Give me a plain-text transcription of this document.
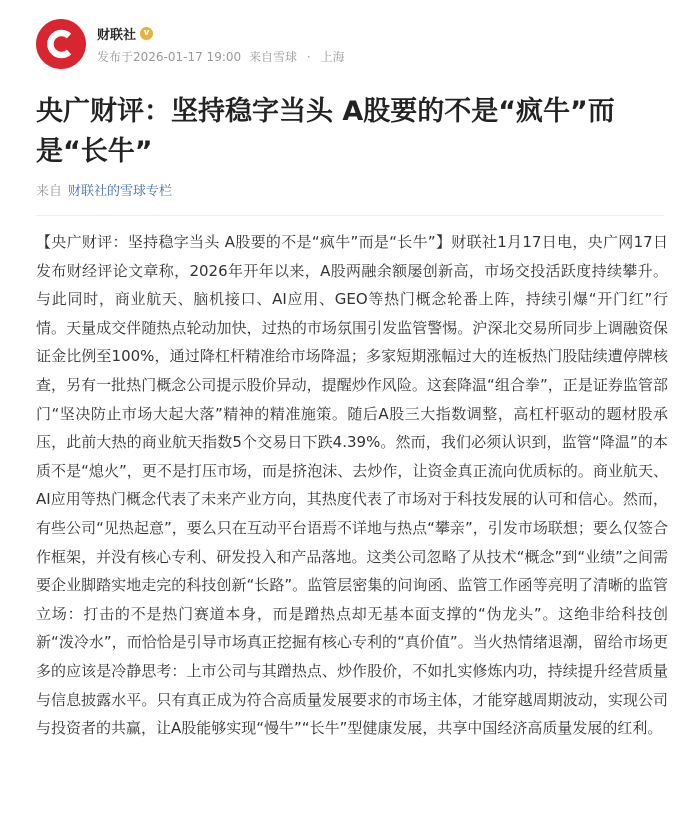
财联社 v
发布于2026-01-17 19:00 来自雪球 · 上海
央广财评：坚持稳字当头 A股要的不是“疯牛”而是“长牛”
来自 财联社的雪球专栏

【央广财评：坚持稳字当头 A股要的不是“疯牛”而是“长牛”】财联社1月17日电，央广网17日发布财经评论文章称，2026年开年以来，A股两融余额屡创新高，市场交投活跃度持续攀升。与此同时，商业航天、脑机接口、AI应用、GEO等热门概念轮番上阵，持续引爆“开门红”行情。天量成交伴随热点轮动加快，过热的市场氛围引发监管警惕。沪深北交易所同步上调融资保证金比例至100%，通过降杠杆精准给市场降温；多家短期涨幅过大的连板热门股陆续遭停牌核查，另有一批热门概念公司提示股价异动，提醒炒作风险。这套降温“组合拳”，正是证券监管部门“坚决防止市场大起大落”精神的精准施策。随后A股三大指数调整，高杠杆驱动的题材股承压，此前大热的商业航天指数5个交易日下跌4.39%。然而，我们必须认识到，监管“降温”的本质不是“熄火”，更不是打压市场，而是挤泡沫、去炒作，让资金真正流向优质标的。商业航天、AI应用等热门概念代表了未来产业方向，其热度代表了市场对于科技发展的认可和信心。然而，有些公司“见热起意”，要么只在互动平台语焉不详地与热点“攀亲”，引发市场联想；要么仅签合作框架，并没有核心专利、研发投入和产品落地。这类公司忽略了从技术“概念”到“业绩”之间需要企业脚踏实地走完的科技创新“长路”。监管层密集的问询函、监管工作函等亮明了清晰的监管立场：打击的不是热门赛道本身，而是蹭热点却无基本面支撑的“伪龙头”。这绝非给科技创新“泼冷水”，而恰恰是引导市场真正挖掘有核心专利的“真价值”。当火热情绪退潮，留给市场更多的应该是冷静思考：上市公司与其蹭热点、炒作股价，不如扎实修炼内功，持续提升经营质量与信息披露水平。只有真正成为符合高质量发展要求的市场主体，才能穿越周期波动，实现公司与投资者的共赢，让A股能够实现“慢牛”“长牛”型健康发展，共享中国经济高质量发展的红利。
